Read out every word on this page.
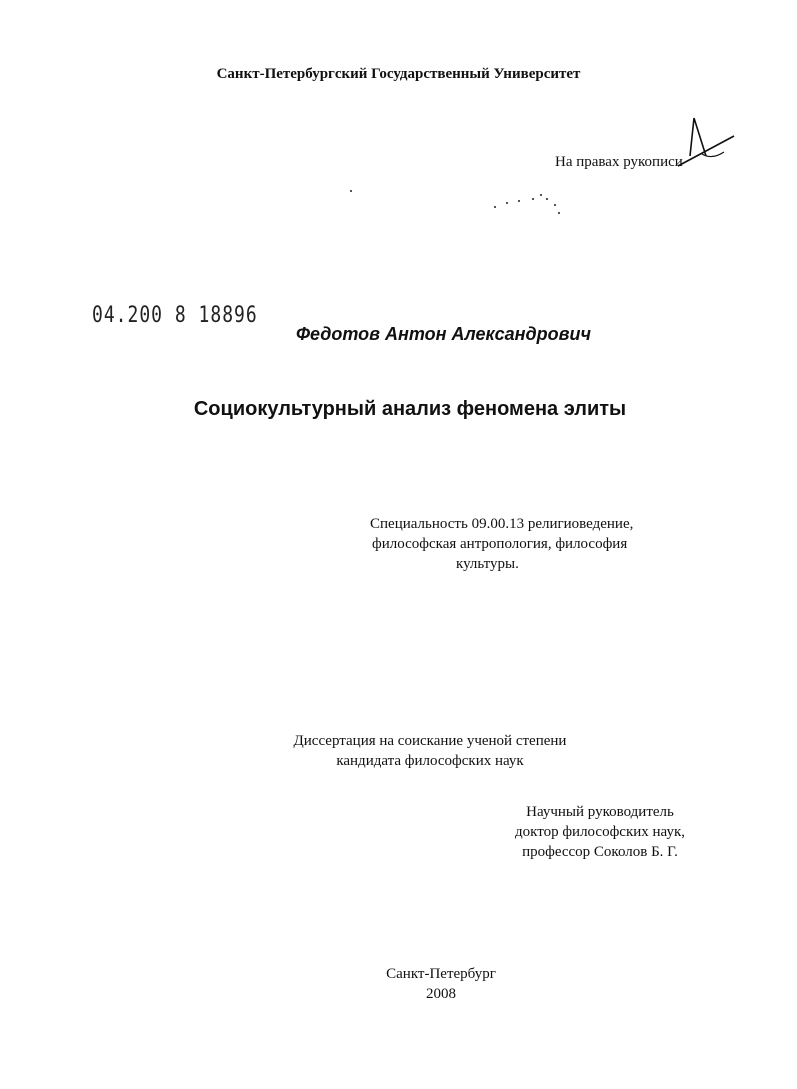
Санкт-Петербургский Государственный Университет
На правах рукописи
04.200 8 18896
Федотов Антон Александрович
Социокультурный анализ феномена элиты
Специальность 09.00.13 религиоведение,
философская антропология, философия
культуры.
Диссертация на соискание ученой степени
кандидата философских наук
Научный руководитель
доктор философских наук,
профессор Соколов Б. Г.
Санкт-Петербург
2008
